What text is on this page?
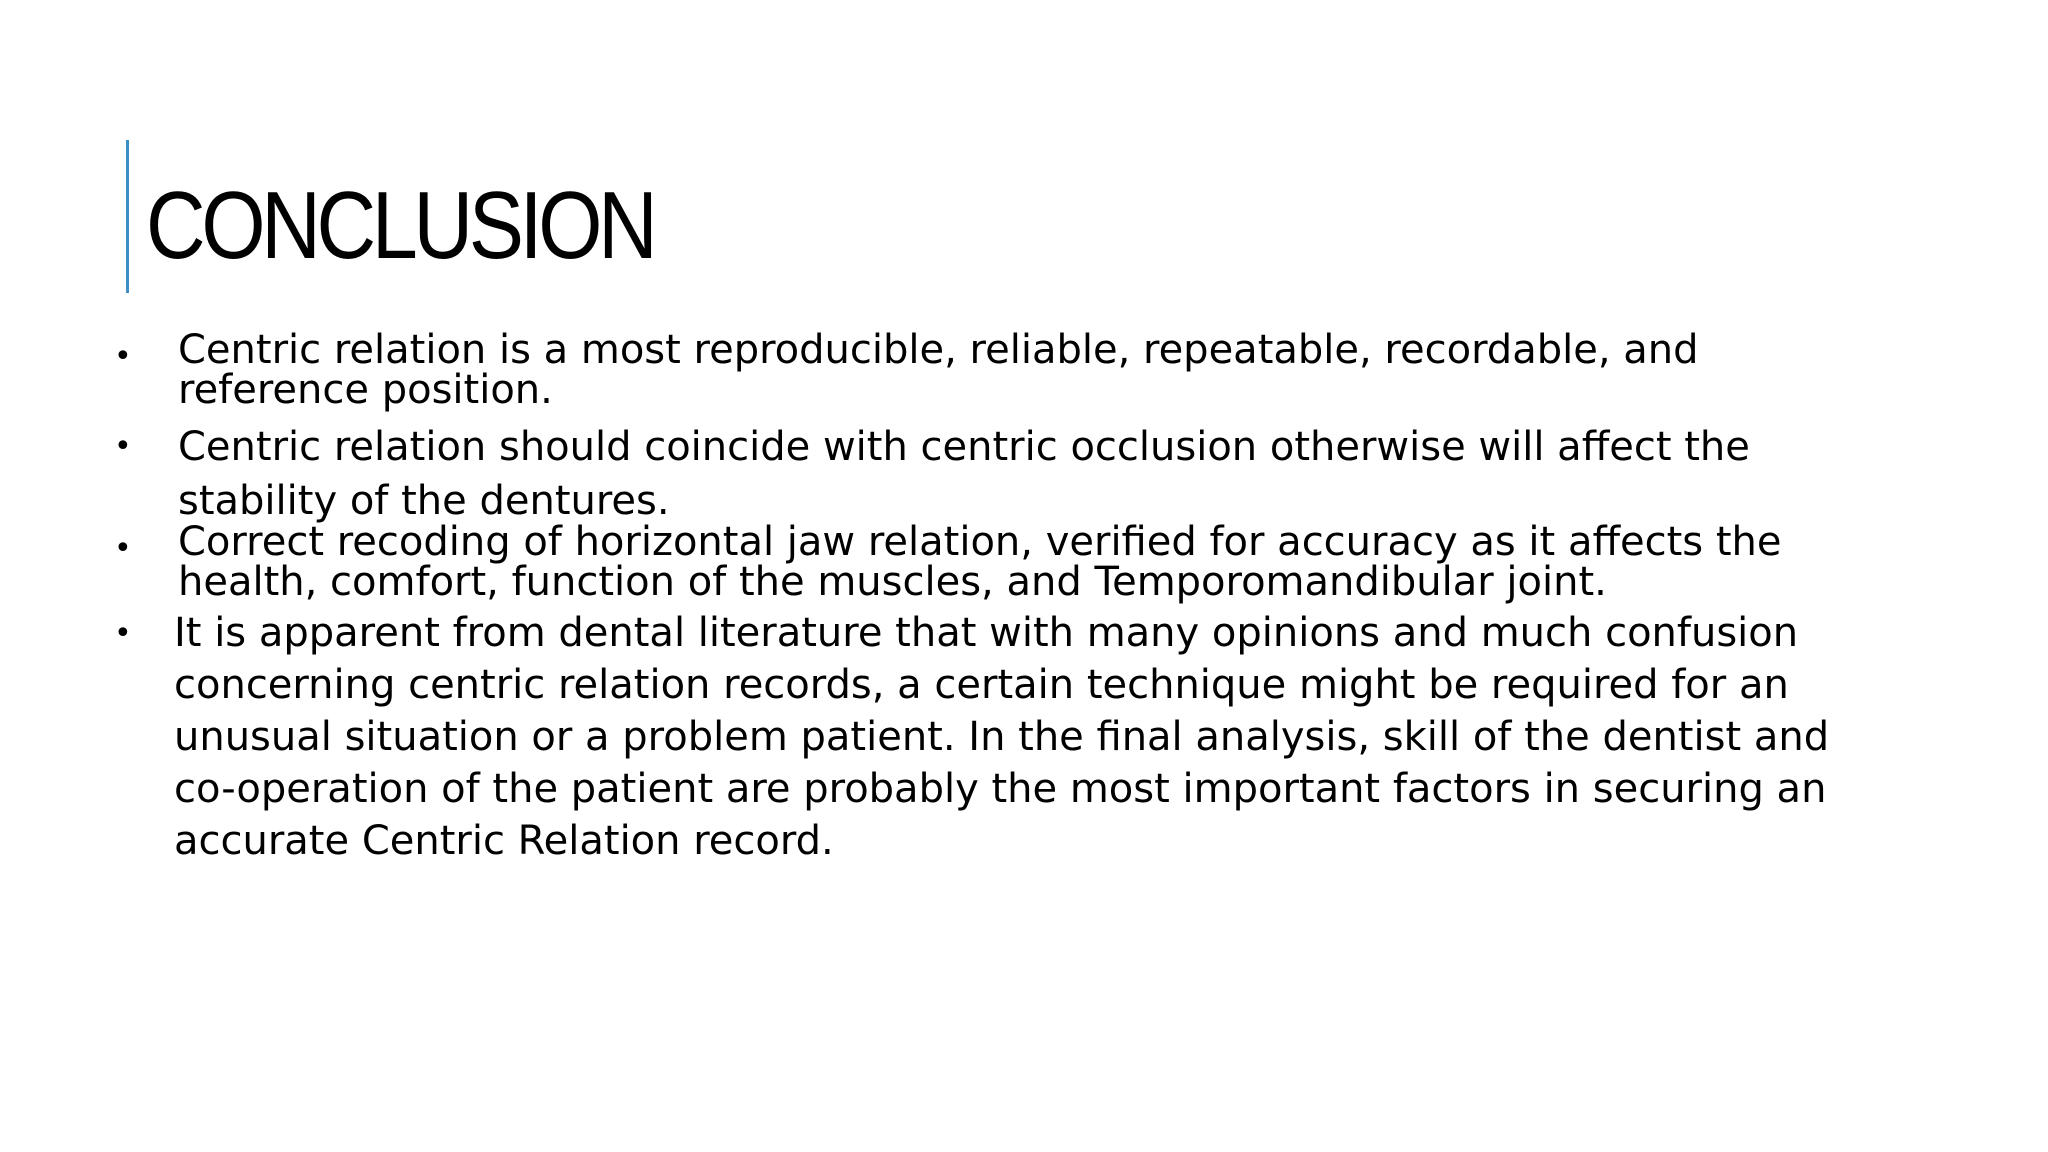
CONCLUSION
• Centric relation is a most reproducible, reliable, repeatable, recordable, and
reference position.

• Centric relation should coincide with centric occlusion otherwise will affect the
stability of the dentures.

• Correct recoding of horizontal jaw relation, verified for accuracy as it affects the
health, comfort, function of the muscles, and Temporomandibular joint.

• It is apparent from dental literature that with many opinions and much confusion
concerning centric relation records, a certain technique might be required for an
unusual situation or a problem patient. In the final analysis, skill of the dentist and
co-operation of the patient are probably the most important factors in securing an
accurate Centric Relation record.
